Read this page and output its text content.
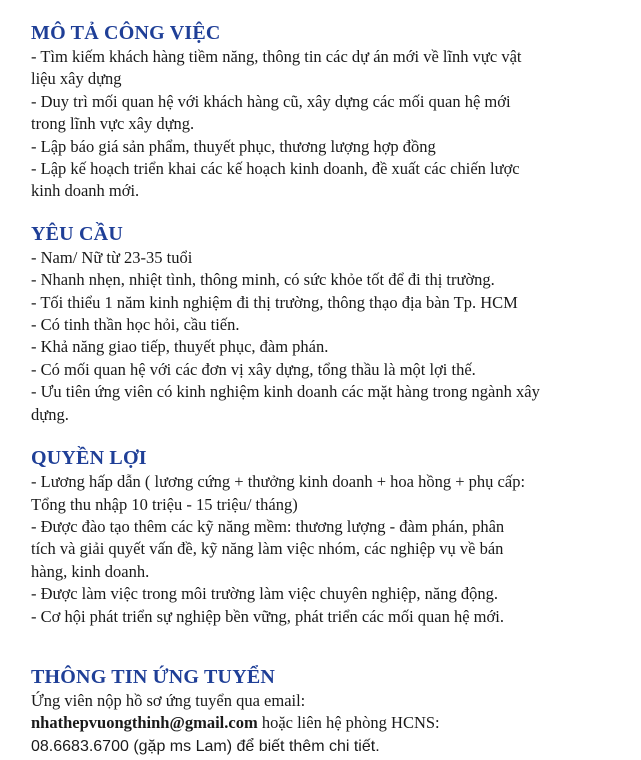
MÔ TẢ CÔNG VIỆC

- Tìm kiếm khách hàng tiềm năng, thông tin các dự án mới về lĩnh vực vật

liệu xây dựng

- Duy trì mối quan hệ với khách hàng cũ, xây dựng các mối quan hệ mới

trong lĩnh vực xây dựng.

- Lập báo giá sản phẩm, thuyết phục, thương lượng hợp đồng

- Lập kế hoạch triển khai các kế hoạch kinh doanh, đề xuất các chiến lược

kinh doanh mới.

YÊU CẦU

- Nam/ Nữ từ 23-35 tuổi

- Nhanh nhẹn, nhiệt tình, thông minh, có sức khỏe tốt để đi thị trường.

- Tối thiểu 1 năm kinh nghiệm đi thị trường, thông thạo địa bàn Tp. HCM

- Có tinh thần học hỏi, cầu tiến.

- Khả năng giao tiếp, thuyết phục, đàm phán.

- Có mối quan hệ với các đơn vị xây dựng, tổng thầu là một lợi thế.

- Ưu tiên ứng viên có kinh nghiệm kinh doanh các mặt hàng trong ngành xây

dựng.

QUYỀN LỢI

- Lương hấp dẫn ( lương cứng + thưởng kinh doanh + hoa hồng + phụ cấp:

Tổng thu nhập 10 triệu - 15 triệu/ tháng)

- Được đào tạo thêm các kỹ năng mềm: thương lượng - đàm phán, phân

tích và giải quyết vấn đề, kỹ năng làm việc nhóm, các nghiệp vụ về bán

hàng, kinh doanh.

- Được làm việc trong môi trường làm việc chuyên nghiệp, năng động.

- Cơ hội phát triển sự nghiệp bền vững, phát triển các mối quan hệ mới.

THÔNG TIN ỨNG TUYỂN

Ứng viên nộp hồ sơ ứng tuyển qua email:

nhathepvuongthinh@gmail.com hoặc liên hệ phòng HCNS:

08.6683.6700 (gặp ms Lam) để biết thêm chi tiết.
